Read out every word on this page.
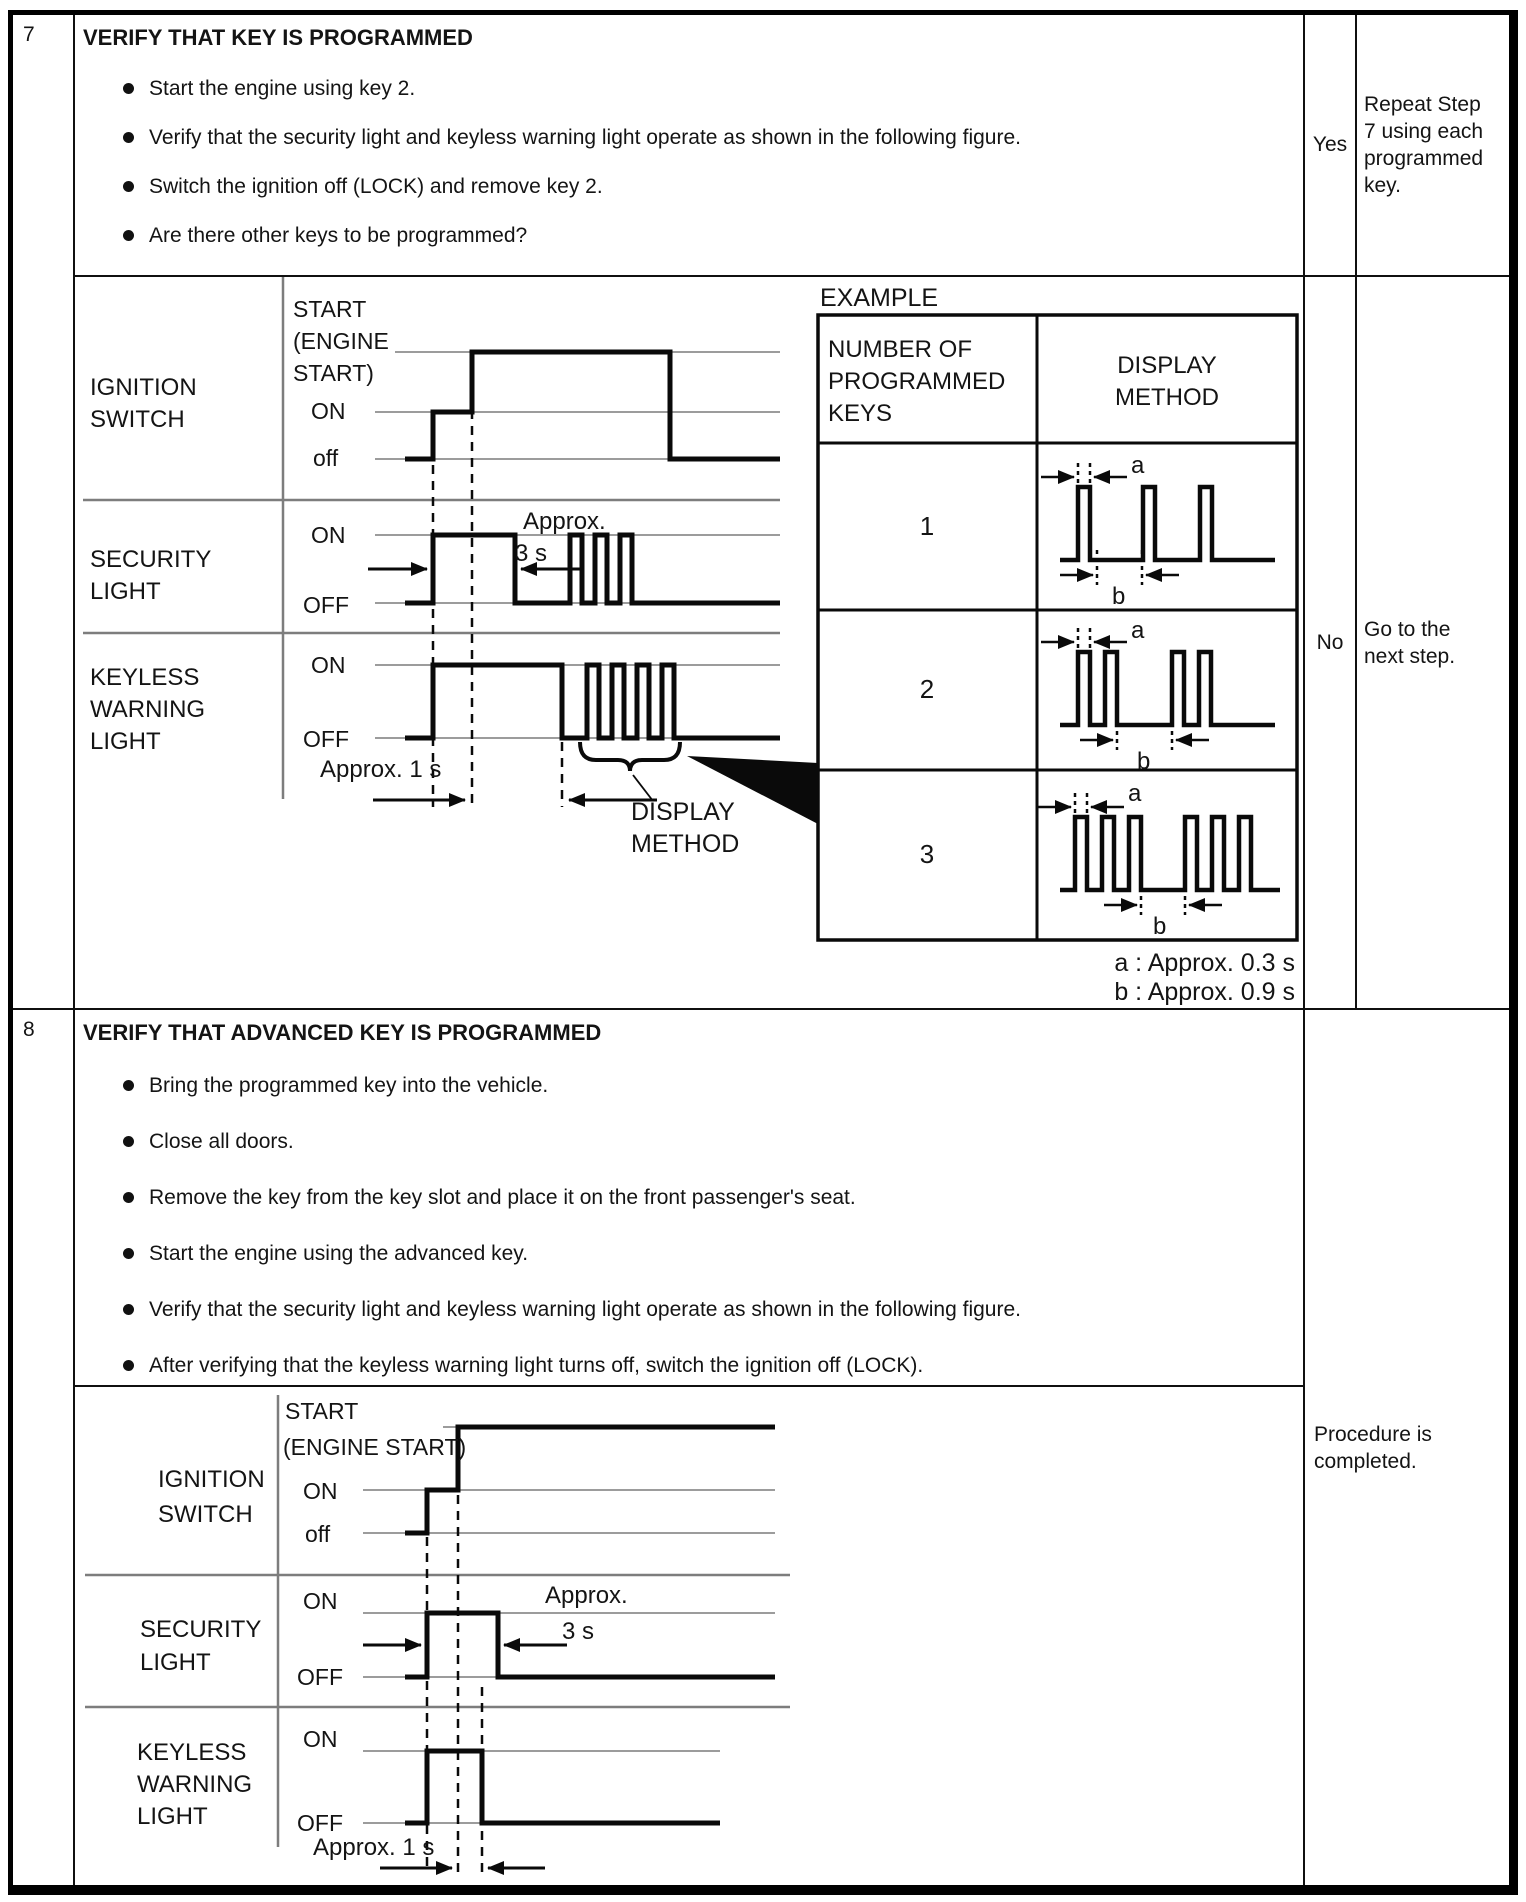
7	VERIFY THAT KEY IS PROGRAMMED
Start the engine using key 2.
Verify that the security light and keyless warning light operate as shown in the following figure.
Switch the ignition off (LOCK) and remove key 2.
Are there other keys to be programmed?
Yes
Repeat Step 7 using each programmed key.
IGNITION
SWITCH
SECURITY
LIGHT
KEYLESS
WARNING
LIGHT
START
(ENGINE
START)
ON
off
ON
OFF
ON
OFF
Approx.
3 s
Approx. 1 s
DISPLAY
METHOD
EXAMPLE
NUMBER OF
PROGRAMMED
KEYS
DISPLAY
METHOD
1
2
3
a
b
a
b
a
b
a : Approx. 0.3 s
b : Approx. 0.9 s
No
Go to the next step.
8	VERIFY THAT ADVANCED KEY IS PROGRAMMED
Bring the programmed key into the vehicle.
Close all doors.
Remove the key from the key slot and place it on the front passenger's seat.
Start the engine using the advanced key.
Verify that the security light and keyless warning light operate as shown in the following figure.
After verifying that the keyless warning light turns off, switch the ignition off (LOCK).
Procedure is completed.
IGNITION
SWITCH
SECURITY
LIGHT
KEYLESS
WARNING
LIGHT
START
(ENGINE START)
ON
off
ON
OFF
ON
OFF
Approx.
3 s
Approx. 1 s
